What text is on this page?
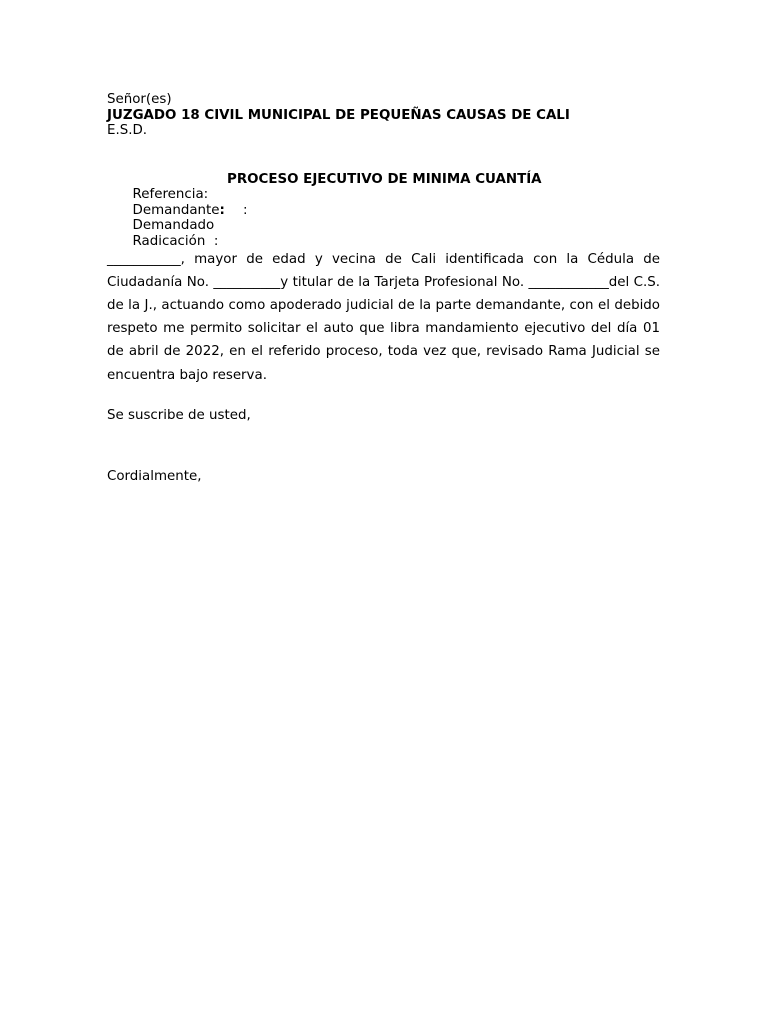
Señor(es)
JUZGADO 18 CIVIL MUNICIPAL DE PEQUEÑAS CAUSAS DE CALI
E.S.D.

Referencia:

PROCESO EJECUTIVO DE MINIMA CUANTÍA

Demandante:

Demandado

:

Radicación  :

___________, mayor de edad y vecina de Cali identificada con la Cédula de Ciudadanía No. __________y titular de la Tarjeta Profesional No. ____________del C.S. de la J., actuando como apoderado judicial de la parte demandante, con el debido respeto me permito solicitar el auto que libra mandamiento ejecutivo del día 01 de abril de 2022, en el referido proceso, toda vez que, revisado Rama Judicial se encuentra bajo reserva.
Se suscribe de usted,
Cordialmente,
